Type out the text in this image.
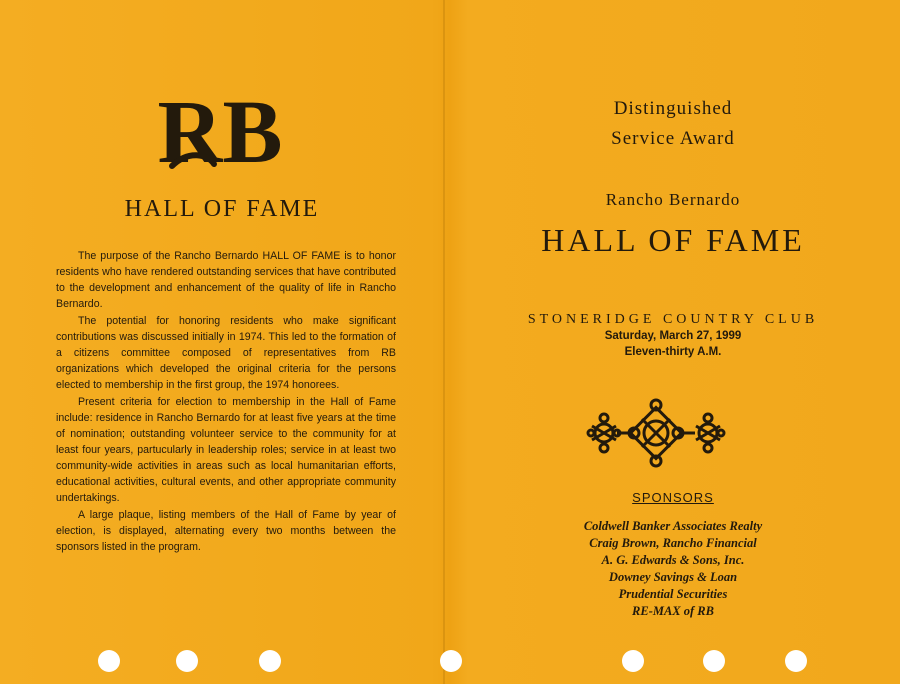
RB
HALL OF FAME

The purpose of the Rancho Bernardo HALL OF FAME is to honor residents who have rendered outstanding services that have contributed to the development and enhancement of the quality of life in Rancho Bernardo.

The potential for honoring residents who make significant contributions was discussed initially in 1974. This led to the formation of a citizens committee composed of representatives from RB organizations which developed the original criteria for the persons elected to membership in the first group, the 1974 honorees.

Present criteria for election to membership in the Hall of Fame include: residence in Rancho Bernardo for at least five years at the time of nomination; outstanding volunteer service to the community for at least four years, partucularly in leadership roles; service in at least two community-wide activities in areas such as local humanitarian efforts, educational activities, cultural events, and other appropriate community undertakings.

A large plaque, listing members of the Hall of Fame by year of election, is displayed, alternating every two months between the sponsors listed in the program.

Distinguished
Service Award
Rancho Bernardo
HALL OF FAME
STONERIDGE COUNTRY CLUB
Saturday, March 27, 1999
Eleven-thirty A.M.
SPONSORS
Coldwell Banker Associates Realty
Craig Brown, Rancho Financial
A. G. Edwards & Sons, Inc.
Downey Savings & Loan
Prudential Securities
RE-MAX of RB
